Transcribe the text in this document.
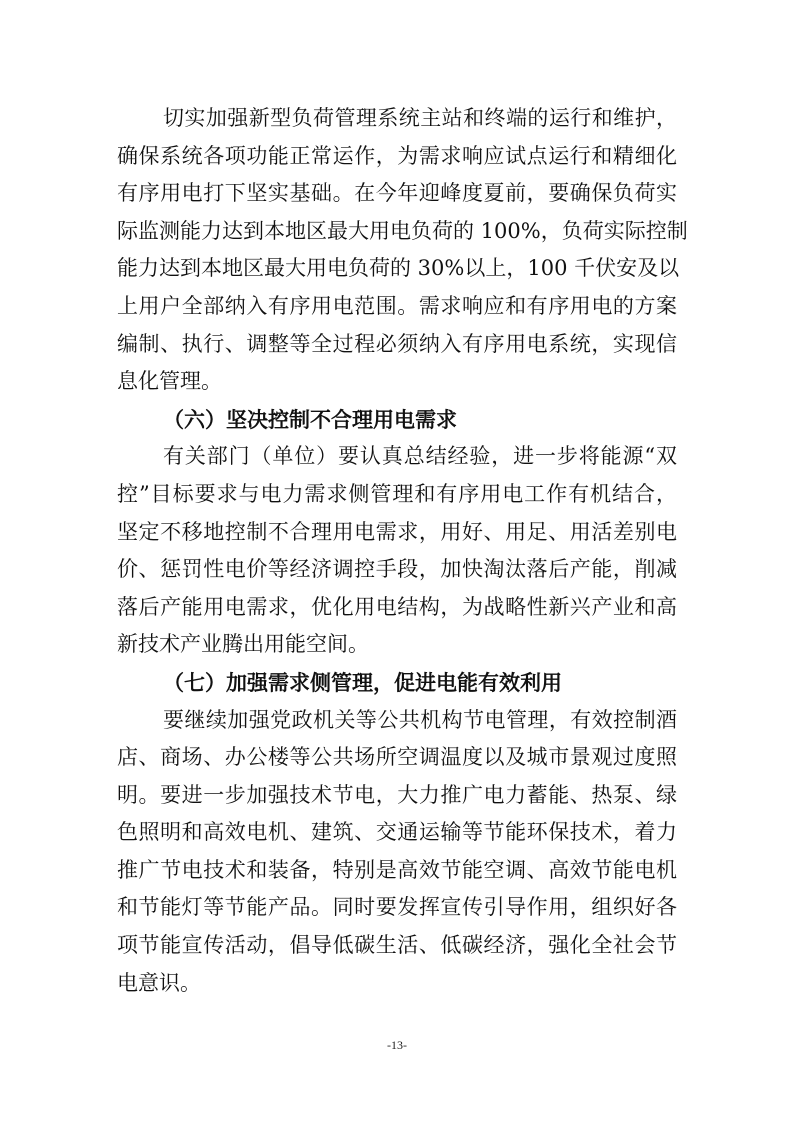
切实加强新型负荷管理系统主站和终端的运行和维护，
确保系统各项功能正常运作，为需求响应试点运行和精细化
有序用电打下坚实基础。在今年迎峰度夏前，要确保负荷实
际监测能力达到本地区最大用电负荷的 100%，负荷实际控制
能力达到本地区最大用电负荷的 30%以上，100 千伏安及以
上用户全部纳入有序用电范围。需求响应和有序用电的方案
编制、执行、调整等全过程必须纳入有序用电系统，实现信
息化管理。
（六）坚决控制不合理用电需求
有关部门（单位）要认真总结经验，进一步将能源“双
控”目标要求与电力需求侧管理和有序用电工作有机结合，
坚定不移地控制不合理用电需求，用好、用足、用活差别电
价、惩罚性电价等经济调控手段，加快淘汰落后产能，削减
落后产能用电需求，优化用电结构，为战略性新兴产业和高
新技术产业腾出用能空间。
（七）加强需求侧管理，促进电能有效利用
要继续加强党政机关等公共机构节电管理，有效控制酒
店、商场、办公楼等公共场所空调温度以及城市景观过度照
明。要进一步加强技术节电，大力推广电力蓄能、热泵、绿
色照明和高效电机、建筑、交通运输等节能环保技术，着力
推广节电技术和装备，特别是高效节能空调、高效节能电机
和节能灯等节能产品。同时要发挥宣传引导作用，组织好各
项节能宣传活动，倡导低碳生活、低碳经济，强化全社会节
电意识。
-13-
